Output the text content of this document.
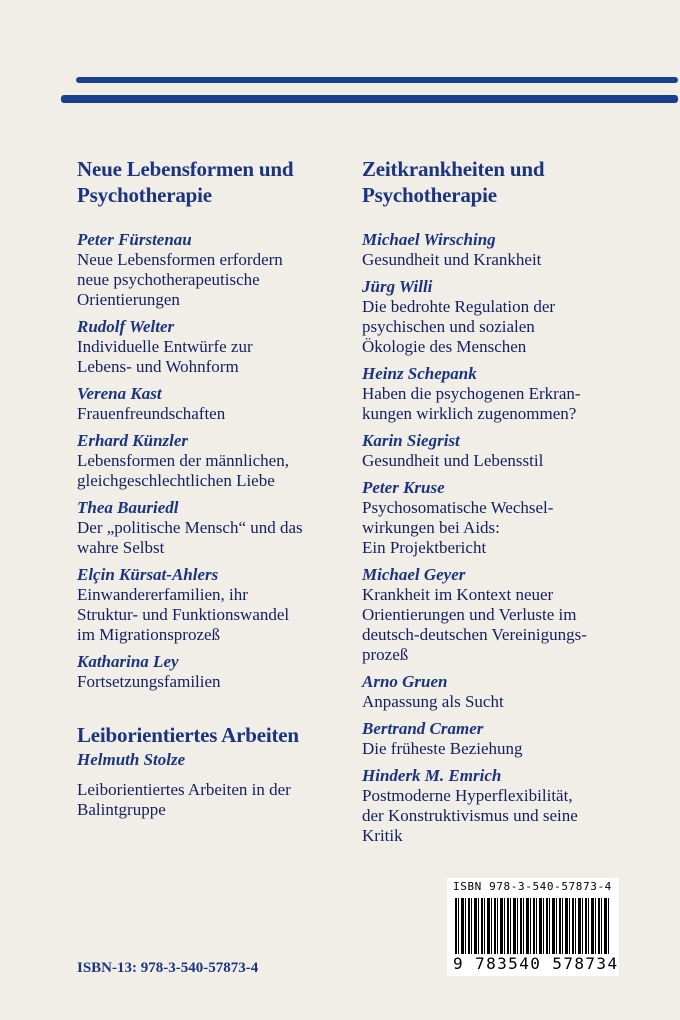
Neue Lebensformen und
Psychotherapie
Peter Fürstenau
Neue Lebensformen erfordern
neue psychotherapeutische
Orientierungen
Rudolf Welter
Individuelle Entwürfe zur
Lebens- und Wohnform
Verena Kast
Frauenfreundschaften
Erhard Künzler
Lebensformen der männlichen,
gleichgeschlechtlichen Liebe
Thea Bauriedl
Der „politische Mensch“ und das
wahre Selbst
Elçin Kürsat-Ahlers
Einwandererfamilien, ihr
Struktur- und Funktionswandel
im Migrationsprozeß
Katharina Ley
Fortsetzungsfamilien
Leiborientiertes Arbeiten
Helmuth Stolze
Leiborientiertes Arbeiten in der
Balintgruppe
Zeitkrankheiten und
Psychotherapie
Michael Wirsching
Gesundheit und Krankheit
Jürg Willi
Die bedrohte Regulation der
psychischen und sozialen
Ökologie des Menschen
Heinz Schepank
Haben die psychogenen Erkran-
kungen wirklich zugenommen?
Karin Siegrist
Gesundheit und Lebensstil
Peter Kruse
Psychosomatische Wechsel-
wirkungen bei Aids:
Ein Projektbericht
Michael Geyer
Krankheit im Kontext neuer
Orientierungen und Verluste im
deutsch-deutschen Vereinigungs-
prozeß
Arno Gruen
Anpassung als Sucht
Bertrand Cramer
Die früheste Beziehung
Hinderk M. Emrich
Postmoderne Hyperflexibilität,
der Konstruktivismus und seine
Kritik
ISBN-13: 978-3-540-57873-4
ISBN 978-3-540-57873-4
9 783540 578734
